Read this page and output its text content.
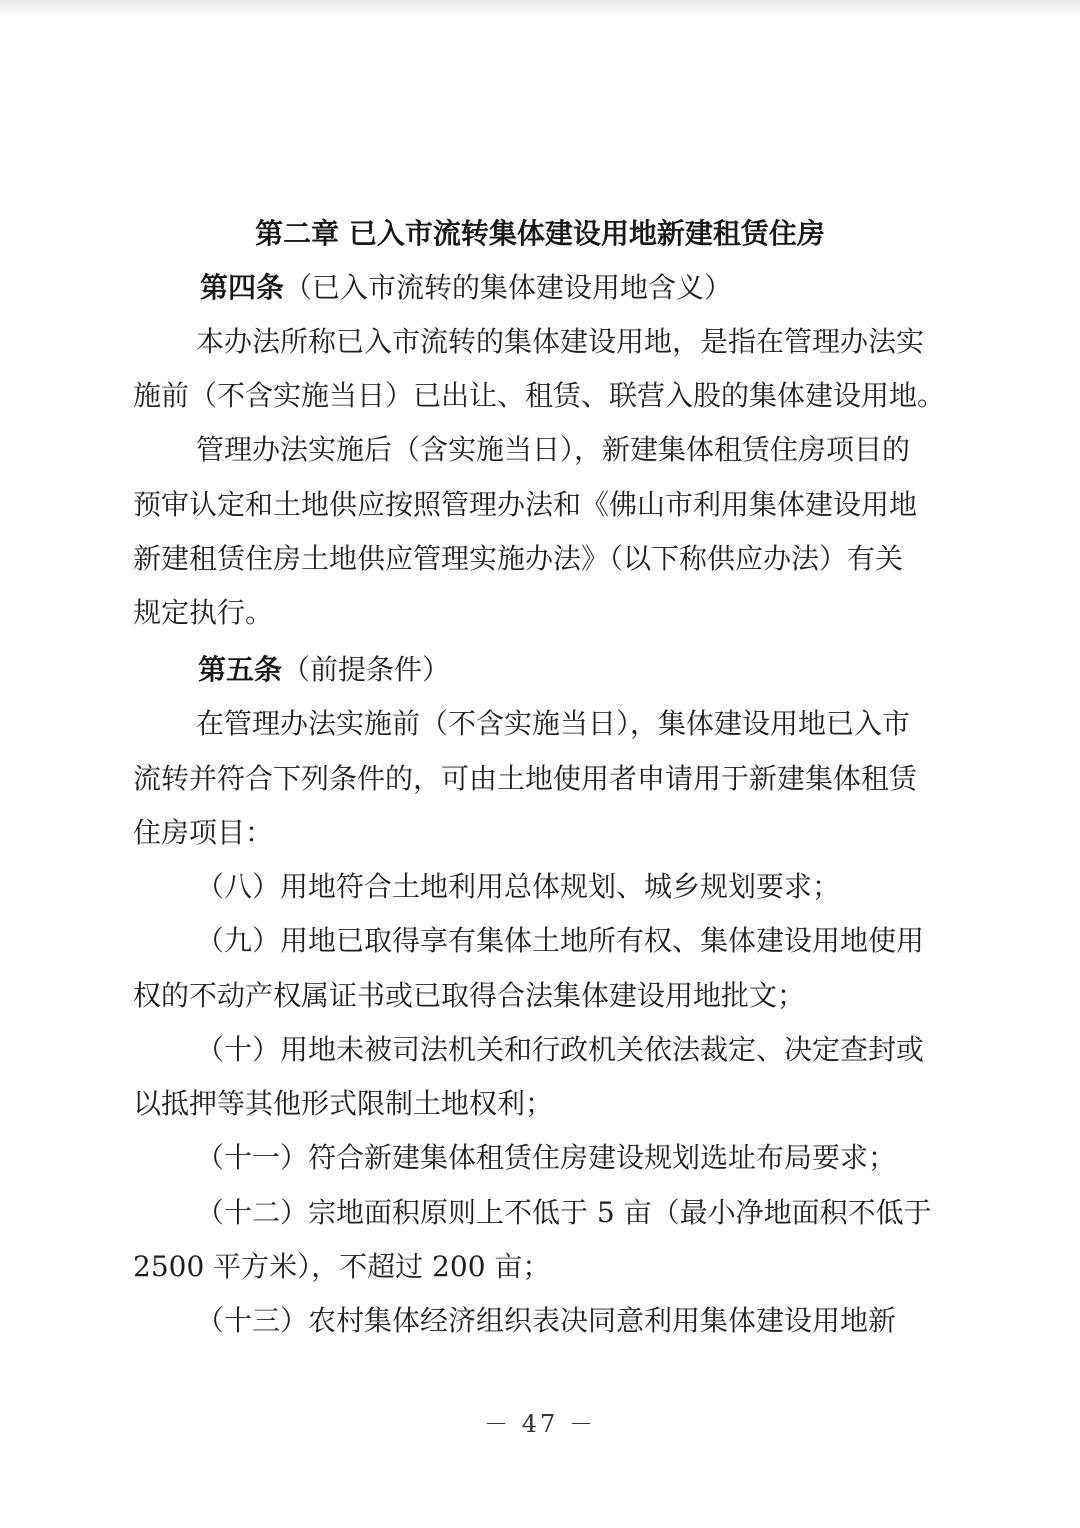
第二章 已入市流转集体建设用地新建租赁住房
第四条（已入市流转的集体建设用地含义）
本办法所称已入市流转的集体建设用地，是指在管理办法实
施前（不含实施当日）已出让、租赁、联营入股的集体建设用地。
管理办法实施后（含实施当日），新建集体租赁住房项目的
预审认定和土地供应按照管理办法和《佛山市利用集体建设用地
新建租赁住房土地供应管理实施办法》（以下称供应办法）有关
规定执行。
第五条（前提条件）
在管理办法实施前（不含实施当日），集体建设用地已入市
流转并符合下列条件的，可由土地使用者申请用于新建集体租赁
住房项目：
（八）用地符合土地利用总体规划、城乡规划要求；
（九）用地已取得享有集体土地所有权、集体建设用地使用
权的不动产权属证书或已取得合法集体建设用地批文；
（十）用地未被司法机关和行政机关依法裁定、决定查封或
以抵押等其他形式限制土地权利；
（十一）符合新建集体租赁住房建设规划选址布局要求；
（十二）宗地面积原则上不低于 5 亩（最小净地面积不低于
2500 平方米），不超过 200 亩；
（十三）农村集体经济组织表决同意利用集体建设用地新
－ 47 －
